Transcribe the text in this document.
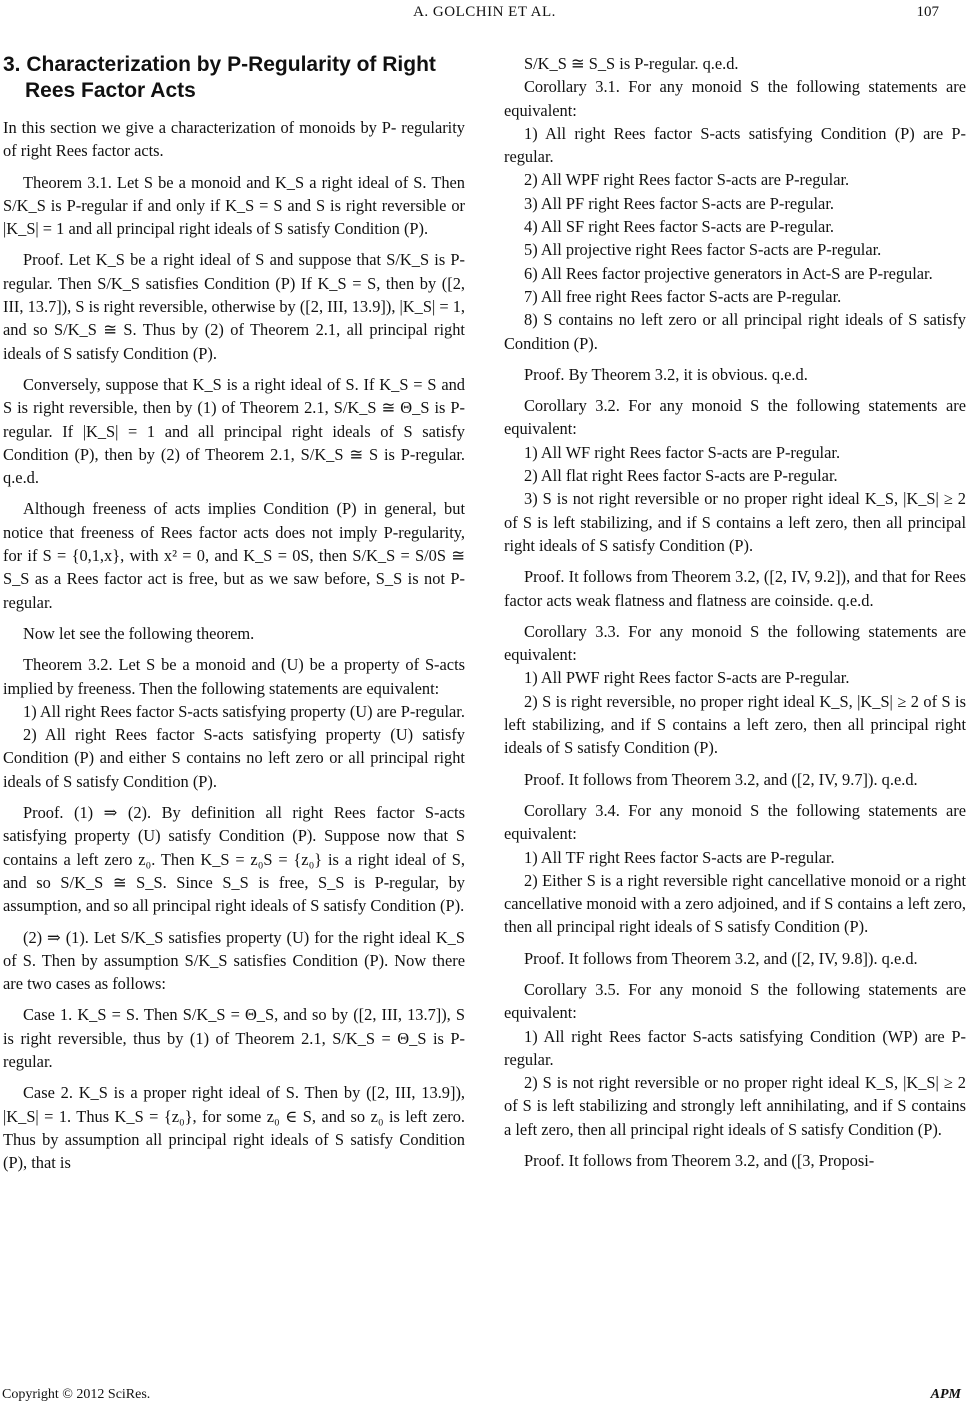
A. GOLCHIN ET AL.	107
3. Characterization by P-Regularity of Right
Rees Factor Acts

In this section we give a characterization of monoids by P- regularity of right Rees factor acts.

Theorem 3.1. Let S be a monoid and K_S a right ideal of S. Then S/K_S is P-regular if and only if K_S = S and S is right reversible or |K_S| = 1 and all principal right ideals of S satisfy Condition (P).

Proof. Let K_S be a right ideal of S and suppose that S/K_S is P-regular. Then S/K_S satisfies Condition (P) If K_S = S, then by ([2, III, 13.7]), S is right reversible, otherwise by ([2, III, 13.9]), |K_S| = 1, and so S/K_S ≅ S. Thus by (2) of Theorem 2.1, all principal right ideals of S satisfy Condition (P).

Conversely, suppose that K_S is a right ideal of S. If K_S = S and S is right reversible, then by (1) of Theorem 2.1, S/K_S ≅ Θ_S is P-regular. If |K_S| = 1 and all principal right ideals of S satisfy Condition (P), then by (2) of Theorem 2.1, S/K_S ≅ S is P-regular. q.e.d.

Although freeness of acts implies Condition (P) in general, but notice that freeness of Rees factor acts does not imply P-regularity, for if S = {0,1,x}, with x² = 0, and K_S = 0S, then S/K_S = S/0S ≅ S_S as a Rees factor act is free, but as we saw before, S_S is not P-regular.

Now let see the following theorem.

Theorem 3.2. Let S be a monoid and (U) be a property of S-acts implied by freeness. Then the following statements are equivalent:

1) All right Rees factor S-acts satisfying property (U) are P-regular.

2) All right Rees factor S-acts satisfying property (U) satisfy Condition (P) and either S contains no left zero or all principal right ideals of S satisfy Condition (P).

Proof. (1) ⇒ (2). By definition all right Rees factor S-acts satisfying property (U) satisfy Condition (P). Suppose now that S contains a left zero z₀. Then K_S = z₀S = {z₀} is a right ideal of S, and so S/K_S ≅ S_S. Since S_S is free, S_S is P-regular, by assumption, and so all principal right ideals of S satisfy Condition (P).

(2) ⇒ (1). Let S/K_S satisfies property (U) for the right ideal K_S of S. Then by assumption S/K_S satisfies Condition (P). Now there are two cases as follows:

Case 1. K_S = S. Then S/K_S = Θ_S, and so by ([2, III, 13.7]), S is right reversible, thus by (1) of Theorem 2.1, S/K_S = Θ_S is P-regular.

Case 2. K_S is a proper right ideal of S. Then by ([2, III, 13.9]), |K_S| = 1. Thus K_S = {z₀}, for some z₀ ∈ S, and so z₀ is left zero. Thus by assumption all principal right ideals of S satisfy Condition (P), that is

S/K_S ≅ S_S is P-regular. q.e.d.

Corollary 3.1. For any monoid S the following statements are equivalent:

1) All right Rees factor S-acts satisfying Condition (P) are P-regular.

2) All WPF right Rees factor S-acts are P-regular.

3) All PF right Rees factor S-acts are P-regular.

4) All SF right Rees factor S-acts are P-regular.

5) All projective right Rees factor S-acts are P-regular.

6) All Rees factor projective generators in Act-S are P-regular.

7) All free right Rees factor S-acts are P-regular.

8) S contains no left zero or all principal right ideals of S satisfy Condition (P).

Proof. By Theorem 3.2, it is obvious. q.e.d.

Corollary 3.2. For any monoid S the following statements are equivalent:

1) All WF right Rees factor S-acts are P-regular.

2) All flat right Rees factor S-acts are P-regular.

3) S is not right reversible or no proper right ideal K_S, |K_S| ≥ 2 of S is left stabilizing, and if S contains a left zero, then all principal right ideals of S satisfy Condition (P).

Proof. It follows from Theorem 3.2, ([2, IV, 9.2]), and that for Rees factor acts weak flatness and flatness are coinside. q.e.d.

Corollary 3.3. For any monoid S the following statements are equivalent:

1) All PWF right Rees factor S-acts are P-regular.

2) S is right reversible, no proper right ideal K_S, |K_S| ≥ 2 of S is left stabilizing, and if S contains a left zero, then all principal right ideals of S satisfy Condition (P).

Proof. It follows from Theorem 3.2, and ([2, IV, 9.7]). q.e.d.

Corollary 3.4. For any monoid S the following statements are equivalent:

1) All TF right Rees factor S-acts are P-regular.

2) Either S is a right reversible right cancellative monoid or a right cancellative monoid with a zero adjoined, and if S contains a left zero, then all principal right ideals of S satisfy Condition (P).

Proof. It follows from Theorem 3.2, and ([2, IV, 9.8]). q.e.d.

Corollary 3.5. For any monoid S the following statements are equivalent:

1) All right Rees factor S-acts satisfying Condition (WP) are P-regular.

2) S is not right reversible or no proper right ideal K_S, |K_S| ≥ 2 of S is left stabilizing and strongly left annihilating, and if S contains a left zero, then all principal right ideals of S satisfy Condition (P).

Proof. It follows from Theorem 3.2, and ([3, Proposi-

Copyright © 2012 SciRes.	APM
